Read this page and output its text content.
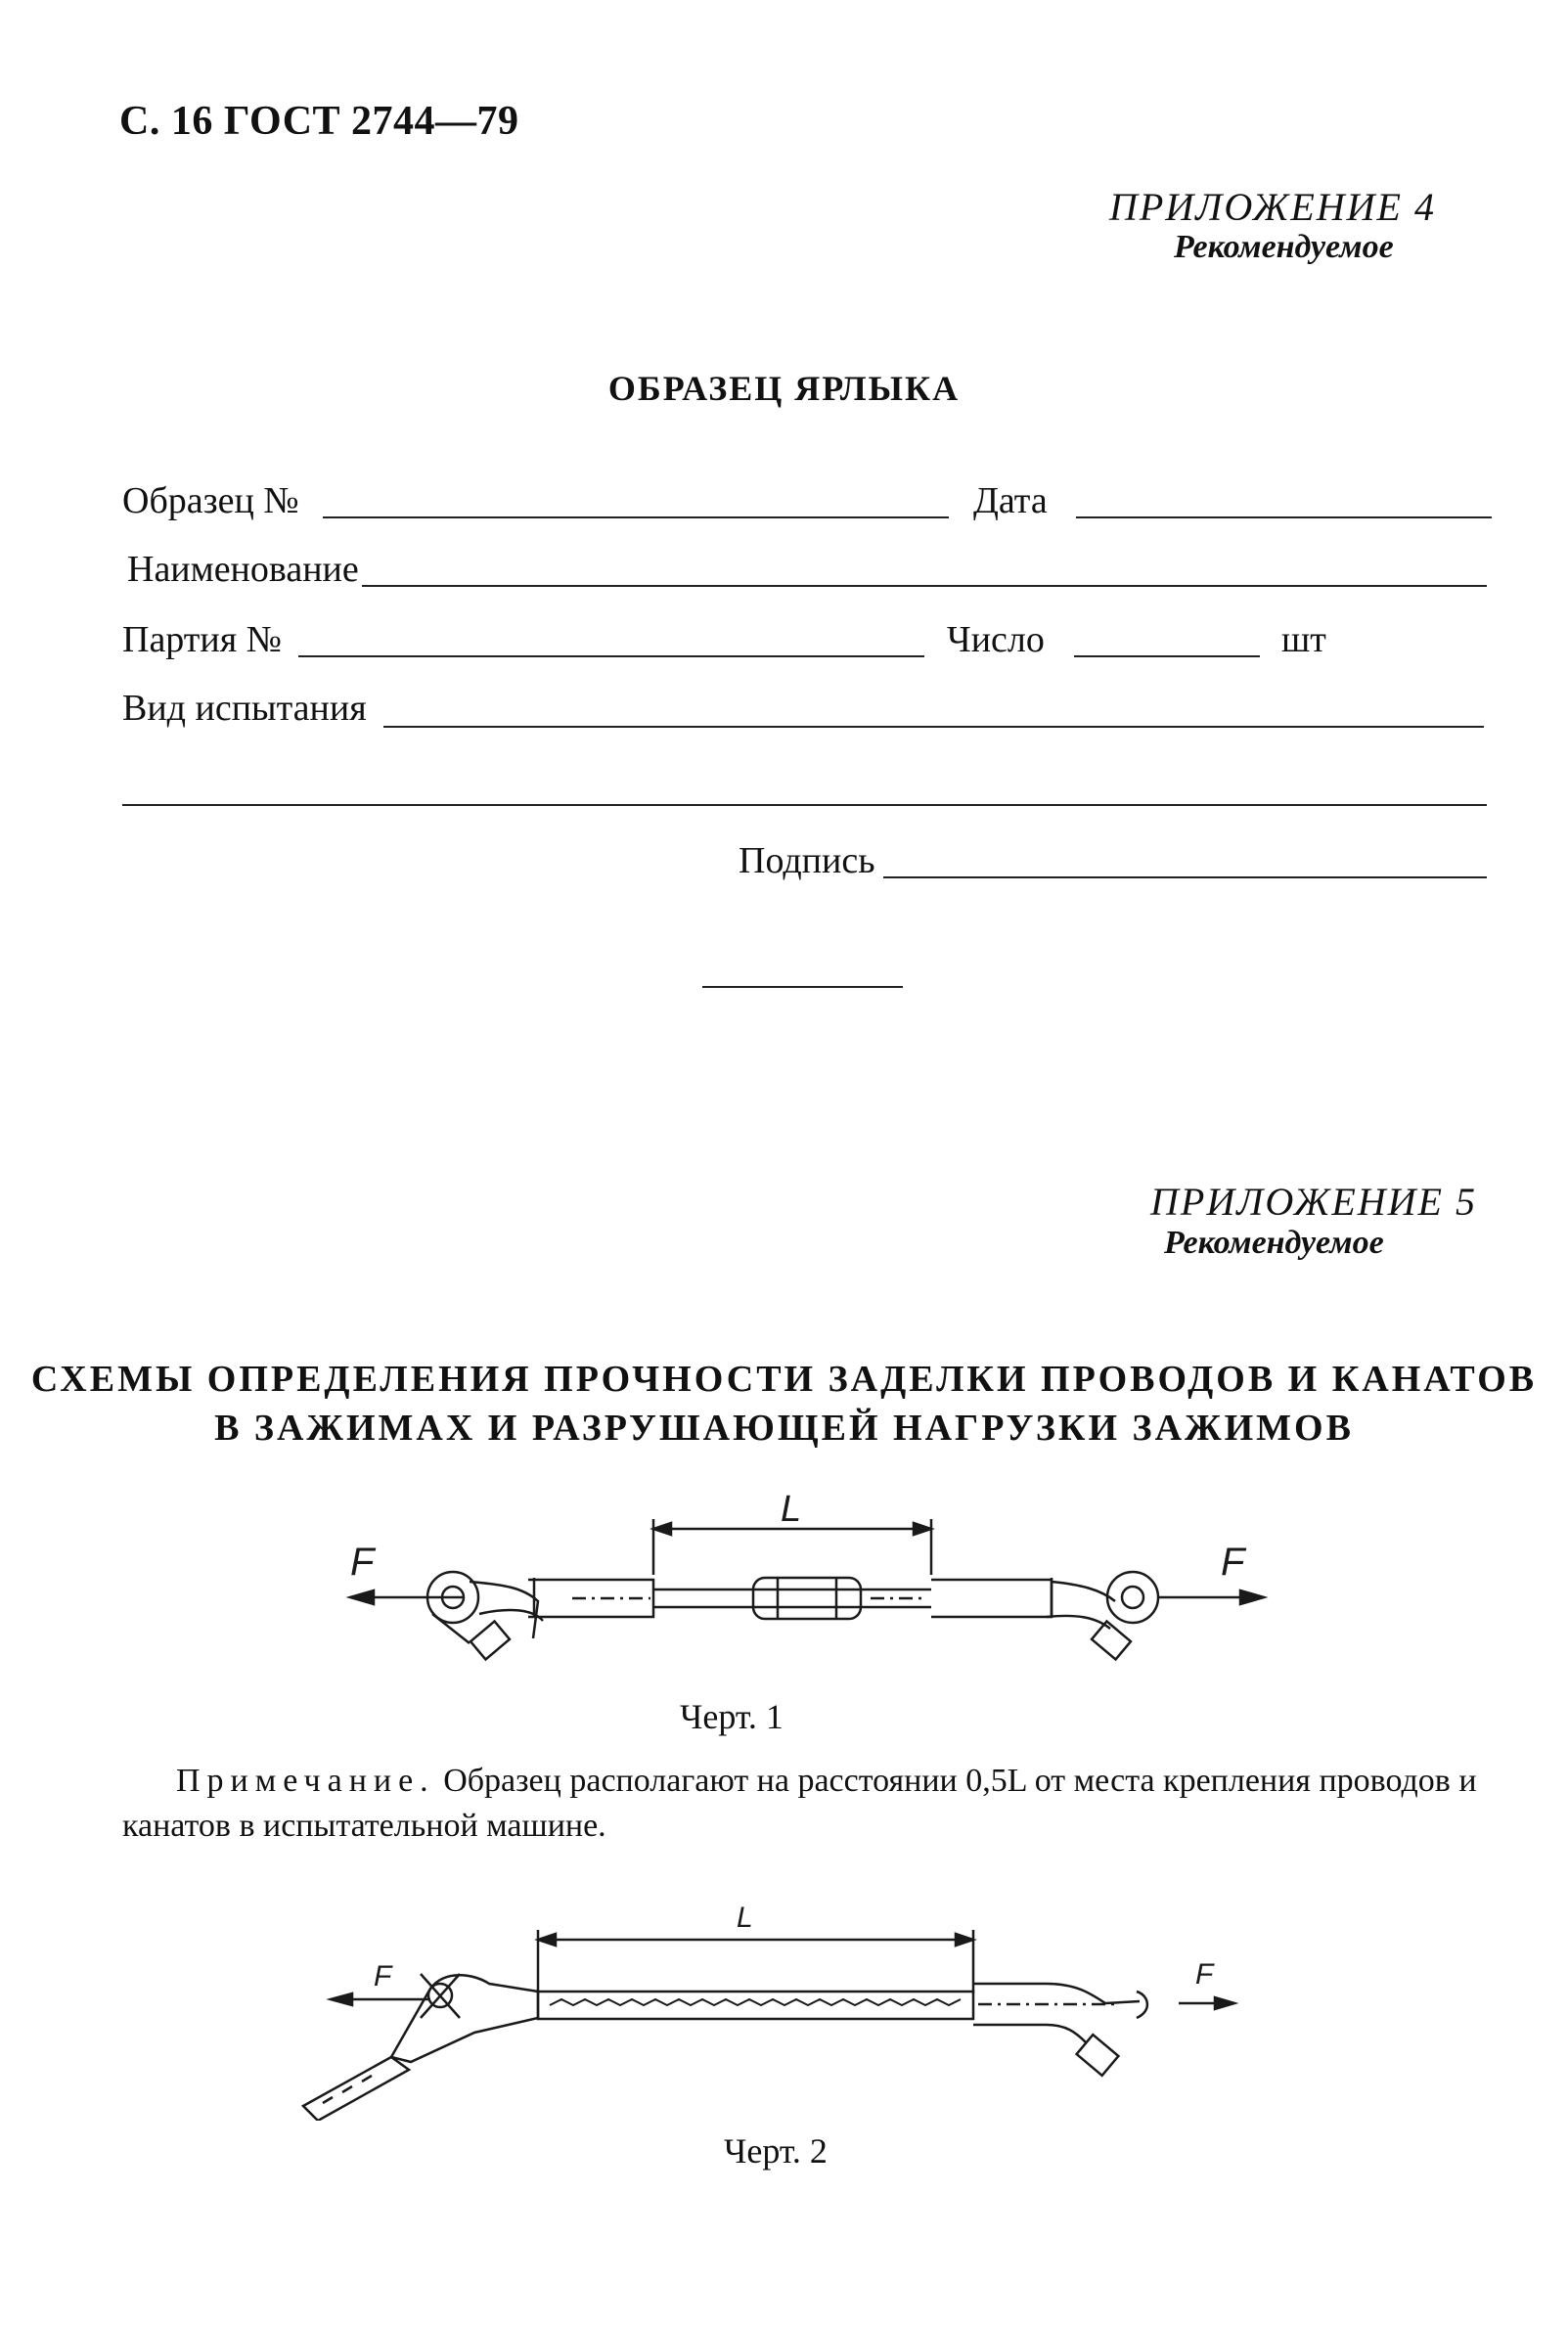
С. 16 ГОСТ 2744—79
ПРИЛОЖЕНИЕ 4
Рекомендуемое
ОБРАЗЕЦ ЯРЛЫКА
Образец №	Дата
Наименование
Партия №	Число	шт
Вид испытания
Подпись
ПРИЛОЖЕНИЕ 5
Рекомендуемое
СХЕМЫ ОПРЕДЕЛЕНИЯ ПРОЧНОСТИ ЗАДЕЛКИ ПРОВОДОВ И КАНАТОВ
В ЗАЖИМАХ И РАЗРУШАЮЩЕЙ НАГРУЗКИ ЗАЖИМОВ
L
F	F
Черт. 1
Примечание. Образец располагают на расстоянии 0,5L от места крепления проводов и канатов в испытательной машине.
L
F	F
Черт. 2
